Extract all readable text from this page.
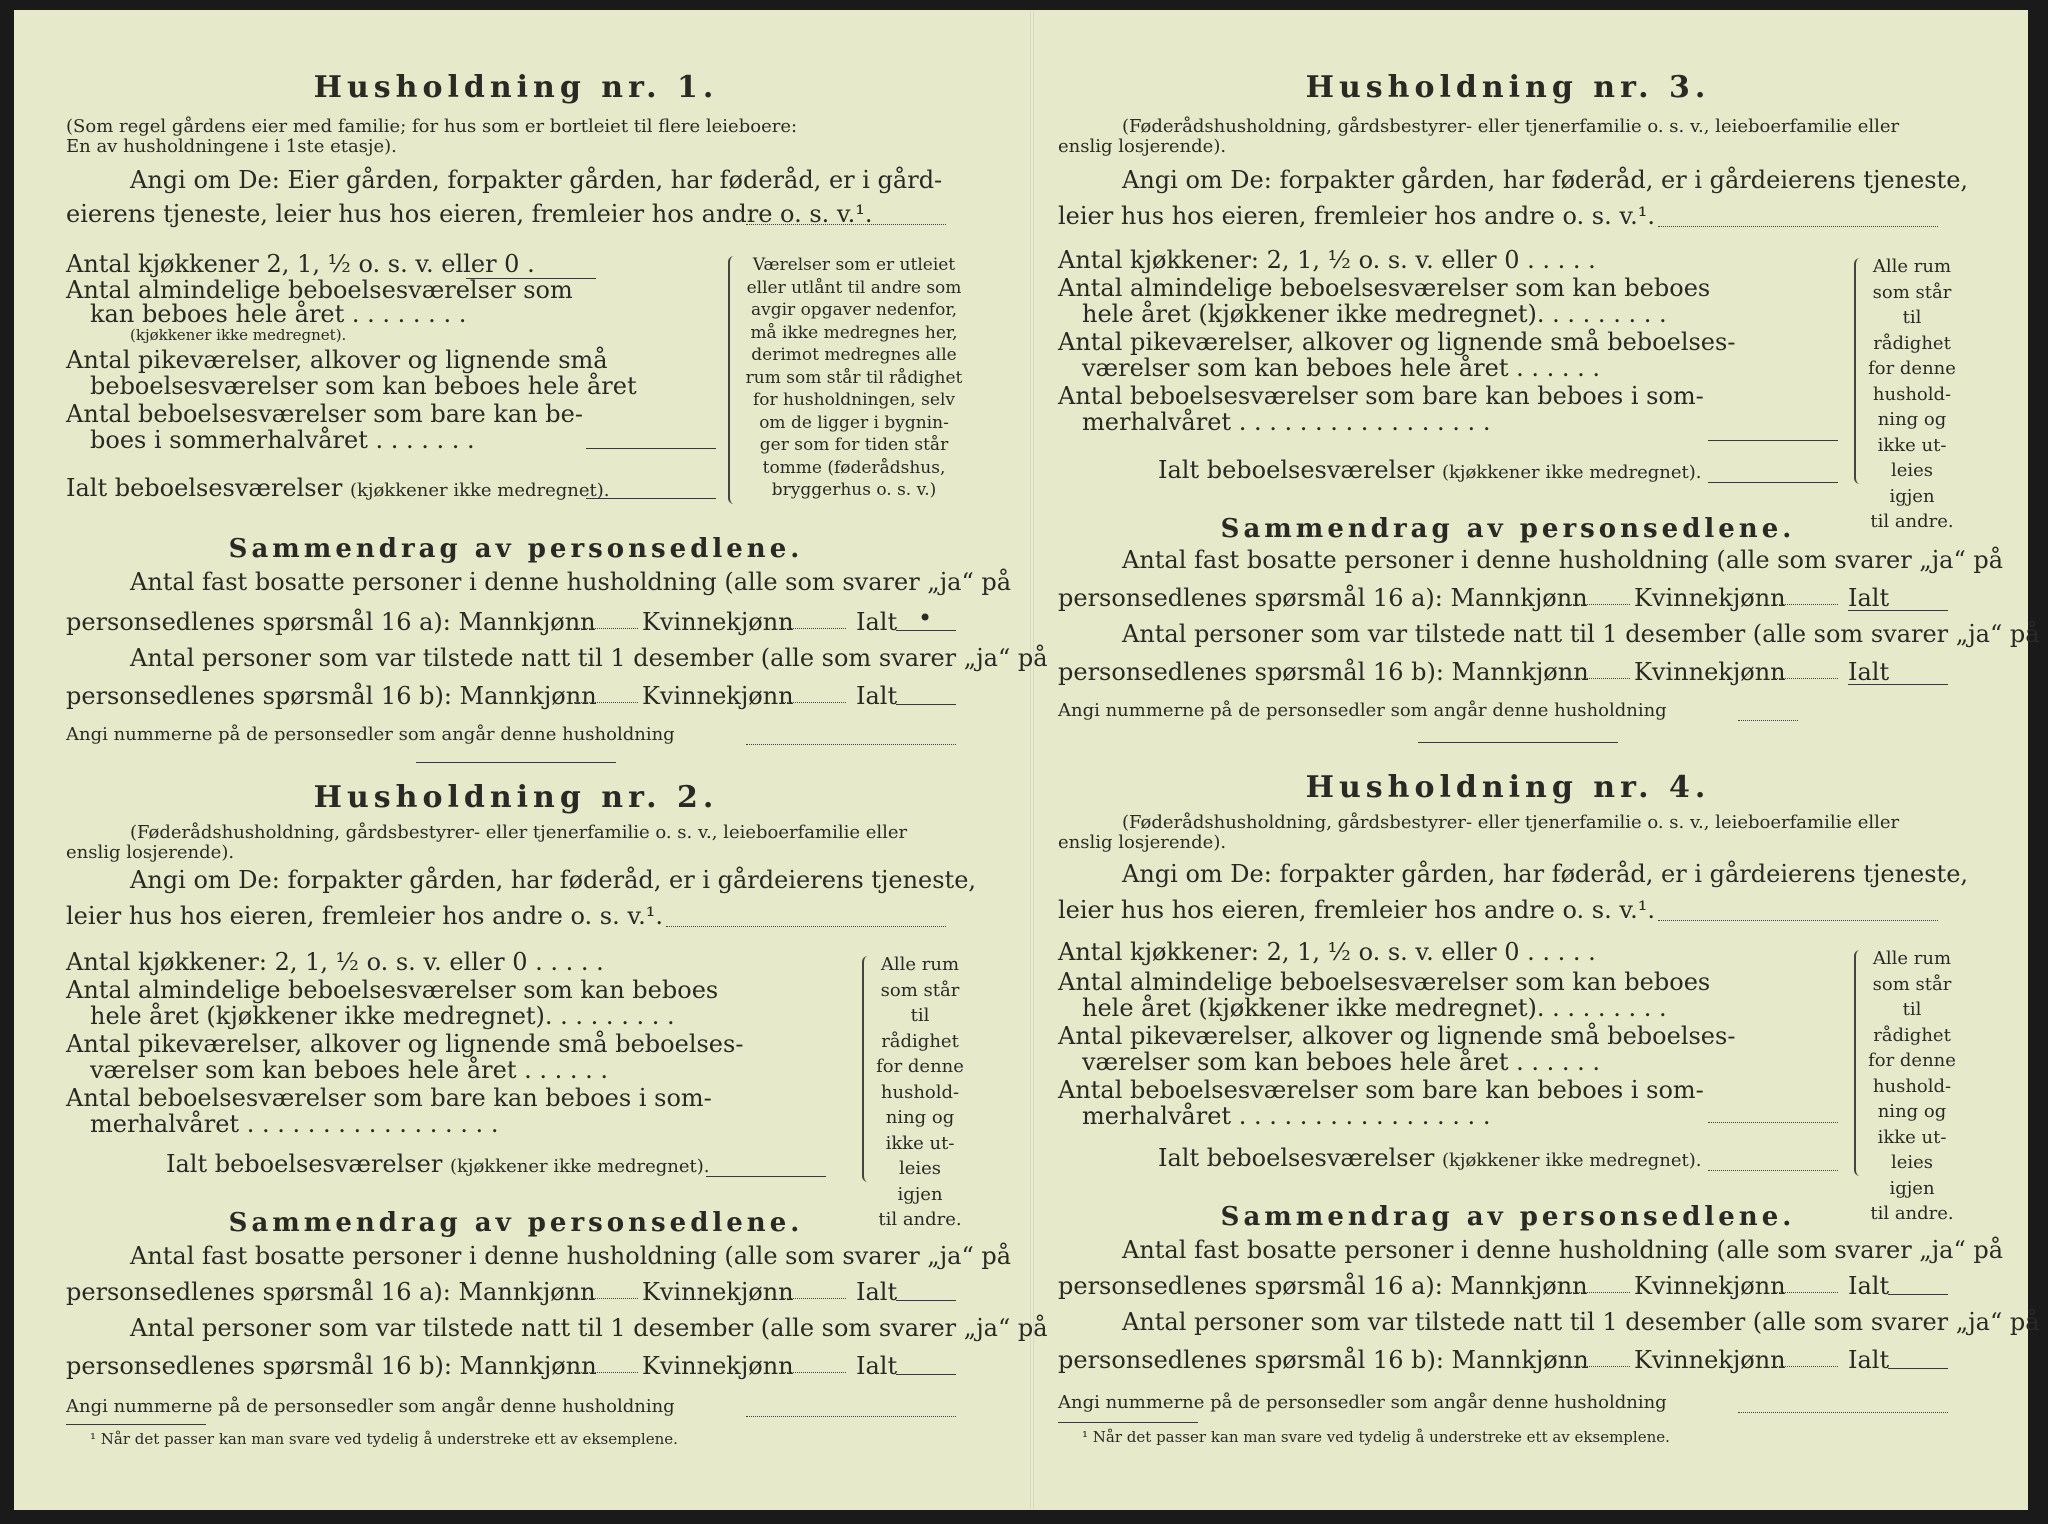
Husholdning nr. 1.
(Som regel gårdens eier med familie; for hus som er bortleiet til flere leieboere:
En av husholdningene i 1ste etasje).
Angi om De: Eier gården, forpakter gården, har føderåd, er i gård-
eierens tjeneste, leier hus hos eieren, fremleier hos andre o. s. v.¹.
Antal kjøkkener 2, 1, ½ o. s. v. eller 0 .
Antal almindelige beboelsesværelser som
kan beboes hele året . . . . . . . .
(kjøkkener ikke medregnet).
Antal pikeværelser, alkover og lignende små
beboelsesværelser som kan beboes hele året
Antal beboelsesværelser som bare kan be-
boes i sommerhalvåret . . . . . . .
Ialt beboelsesværelser (kjøkkener ikke medregnet).
Værelser som er utleiet
eller utlånt til andre som
avgir opgaver nedenfor,
må ikke medregnes her,
derimot medregnes alle
rum som står til rådighet
for husholdningen, selv
om de ligger i bygnin-
ger som for tiden står
tomme (føderådshus,
bryggerhus o. s. v.)
Sammendrag av personsedlene.
Antal fast bosatte personer i denne husholdning (alle som svarer „ja“ på
personsedlenes spørsmål 16 a): Mannkjønn Kvinnekjønn	Ialt •
Antal personer som var tilstede natt til 1 desember (alle som svarer „ja“ på
personsedlenes spørsmål 16 b): Mannkjønn Kvinnekjønn	Ialt
Angi nummerne på de personsedler som angår denne husholdning
Husholdning nr. 2.
(Føderådshusholdning, gårdsbestyrer- eller tjenerfamilie o. s. v., leieboerfamilie eller
enslig losjerende).
Angi om De: forpakter gården, har føderåd, er i gårdeierens tjeneste,
leier hus hos eieren, fremleier hos andre o. s. v.¹.
Antal kjøkkener: 2, 1, ½ o. s. v. eller 0 . . . . .
Antal almindelige beboelsesværelser som kan beboes
hele året (kjøkkener ikke medregnet). . . . . . . . .
Antal pikeværelser, alkover og lignende små beboelses-
værelser som kan beboes hele året . . . . . .
Antal beboelsesværelser som bare kan beboes i som-
merhalvåret . . . . . . . . . . . . . . . . .
Ialt beboelsesværelser (kjøkkener ikke medregnet).
Alle rum
som står til
rådighet
for denne
hushold-
ning og
ikke ut-
leies igjen
til andre.
Sammendrag av personsedlene.
Antal fast bosatte personer i denne husholdning (alle som svarer „ja“ på
personsedlenes spørsmål 16 a): Mannkjønn Kvinnekjønn	Ialt
Antal personer som var tilstede natt til 1 desember (alle som svarer „ja“ på
personsedlenes spørsmål 16 b): Mannkjønn Kvinnekjønn	Ialt
Angi nummerne på de personsedler som angår denne husholdning
¹ Når det passer kan man svare ved tydelig å understreke ett av eksemplene.
Husholdning nr. 3.
(Føderådshusholdning, gårdsbestyrer- eller tjenerfamilie o. s. v., leieboerfamilie eller
enslig losjerende).
Angi om De: forpakter gården, har føderåd, er i gårdeierens tjeneste,
leier hus hos eieren, fremleier hos andre o. s. v.¹.
Antal kjøkkener: 2, 1, ½ o. s. v. eller 0 . . . . .
Antal almindelige beboelsesværelser som kan beboes
hele året (kjøkkener ikke medregnet). . . . . . . . .
Antal pikeværelser, alkover og lignende små beboelses-
værelser som kan beboes hele året . . . . . .
Antal beboelsesværelser som bare kan beboes i som-
merhalvåret . . . . . . . . . . . . . . . . .
Ialt beboelsesværelser (kjøkkener ikke medregnet).
Alle rum
som står til
rådighet
for denne
hushold-
ning og
ikke ut-
leies igjen
til andre.
Sammendrag av personsedlene.
Antal fast bosatte personer i denne husholdning (alle som svarer „ja“ på
personsedlenes spørsmål 16 a): Mannkjønn Kvinnekjønn	Ialt
Antal personer som var tilstede natt til 1 desember (alle som svarer „ja“ på
personsedlenes spørsmål 16 b): Mannkjønn Kvinnekjønn	Ialt
Angi nummerne på de personsedler som angår denne husholdning
Husholdning nr. 4.
(Føderådshusholdning, gårdsbestyrer- eller tjenerfamilie o. s. v., leieboerfamilie eller
enslig losjerende).
Angi om De: forpakter gården, har føderåd, er i gårdeierens tjeneste,
leier hus hos eieren, fremleier hos andre o. s. v.¹.
Antal kjøkkener: 2, 1, ½ o. s. v. eller 0 . . . . .
Antal almindelige beboelsesværelser som kan beboes
hele året (kjøkkener ikke medregnet). . . . . . . . .
Antal pikeværelser, alkover og lignende små beboelses-
værelser som kan beboes hele året . . . . . .
Antal beboelsesværelser som bare kan beboes i som-
merhalvåret . . . . . . . . . . . . . . . . .
Ialt beboelsesværelser (kjøkkener ikke medregnet).
Alle rum
som står til
rådighet
for denne
hushold-
ning og
ikke ut-
leies igjen
til andre.
Sammendrag av personsedlene.
Antal fast bosatte personer i denne husholdning (alle som svarer „ja“ på
personsedlenes spørsmål 16 a): Mannkjønn Kvinnekjønn	Ialt
Antal personer som var tilstede natt til 1 desember (alle som svarer „ja“ på
personsedlenes spørsmål 16 b): Mannkjønn Kvinnekjønn	Ialt
Angi nummerne på de personsedler som angår denne husholdning
¹ Når det passer kan man svare ved tydelig å understreke ett av eksemplene.
